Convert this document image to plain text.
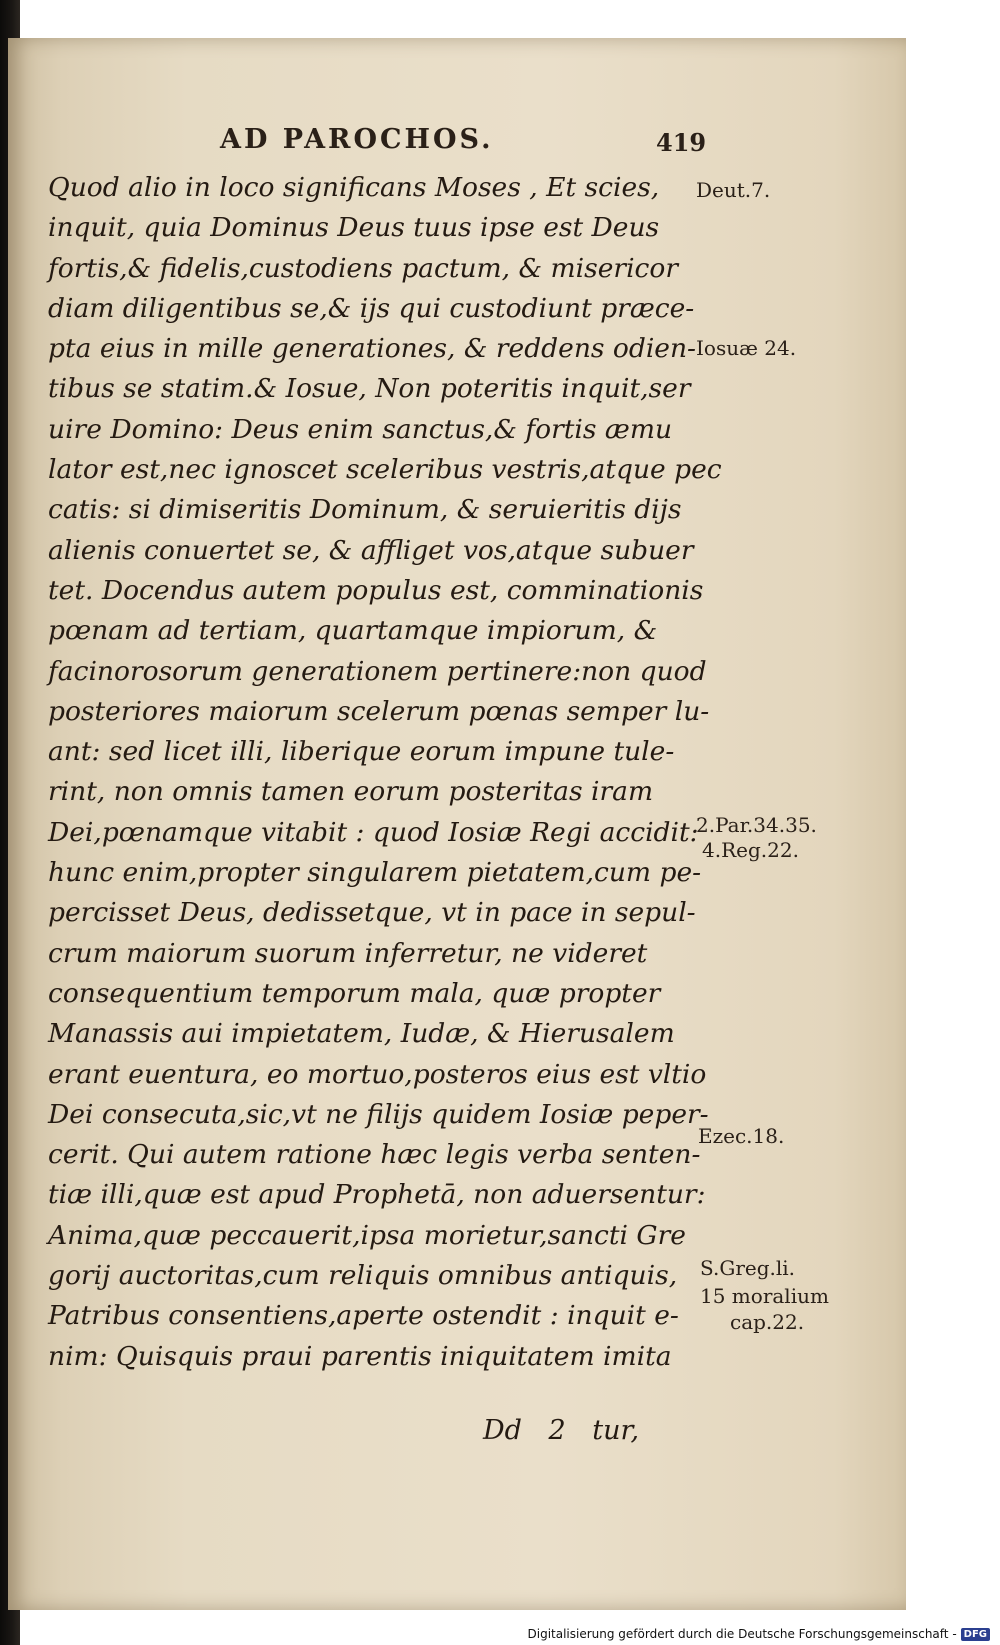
AD PAROCHOS.	419
Quod alio in loco significans Moses , Et scies,
inquit, quia Dominus Deus tuus ipse est Deus
fortis,& fidelis,custodiens pactum, & misericor
diam diligentibus se,& ijs qui custodiunt præce-
pta eius in mille generationes, & reddens odien-
tibus se statim.& Iosue, Non poteritis inquit,ser
uire Domino: Deus enim sanctus,& fortis æmu
lator est,nec ignoscet sceleribus vestris,atque pec
catis: si dimiseritis Dominum, & seruieritis dijs
alienis conuertet se, & affliget vos,atque subuer
tet. Docendus autem populus est, comminationis
pœnam ad tertiam, quartamque impiorum, &
facinorosorum generationem pertinere:non quod
posteriores maiorum scelerum pœnas semper lu-
ant: sed licet illi, liberique eorum impune tule-
rint, non omnis tamen eorum posteritas iram
Dei,pœnamque vitabit : quod Iosiæ Regi accidit:
hunc enim,propter singularem pietatem,cum pe-
percisset Deus, dedissetque, vt in pace in sepul-
crum maiorum suorum inferretur, ne videret
consequentium temporum mala, quæ propter
Manassis aui impietatem, Iudæ, & Hierusalem
erant euentura, eo mortuo,posteros eius est vltio
Dei consecuta,sic,vt ne filijs quidem Iosiæ peper-
cerit. Qui autem ratione hæc legis verba senten-
tiæ illi,quæ est apud Prophetā, non aduersentur:
Anima,quæ peccauerit,ipsa morietur,sancti Gre
gorij auctoritas,cum reliquis omnibus antiquis,
Patribus consentiens,aperte ostendit : inquit e-
nim: Quisquis praui parentis iniquitatem imita
Deut.7.
Iosuæ 24.
2.Par.34.35.
4.Reg.22.
Ezec.18.
S.Greg.li.
15 moralium
cap.22.
Dd 2 tur,
Digitalisierung gefördert durch die Deutsche Forschungsgemeinschaft - DFG
